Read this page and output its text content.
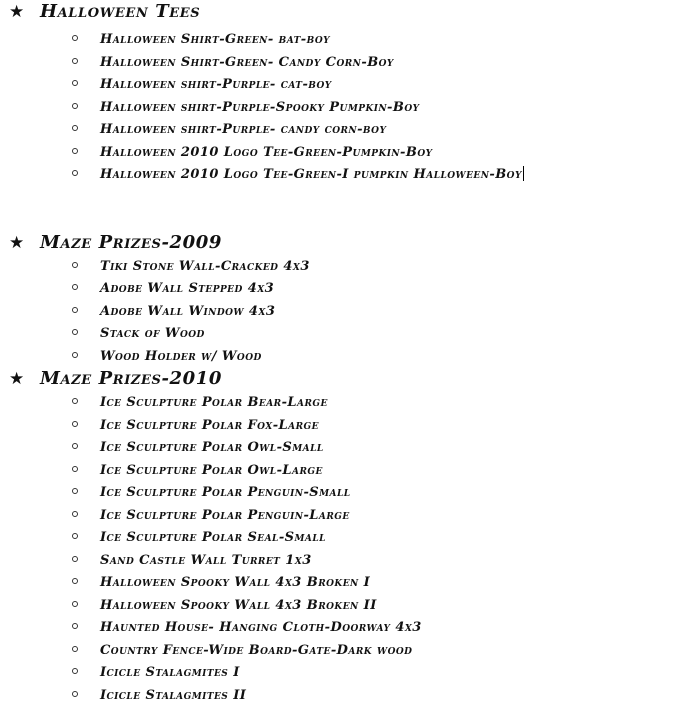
★ Halloween Tees
Halloween Shirt-Green- bat-boy
Halloween Shirt-Green- Candy Corn-Boy
Halloween shirt-Purple- cat-boy
Halloween shirt-Purple-Spooky Pumpkin-Boy
Halloween shirt-Purple- candy corn-boy
Halloween 2010 Logo Tee-Green-Pumpkin-Boy
Halloween 2010 Logo Tee-Green-I pumpkin Halloween-Boy
★ Maze Prizes-2009
Tiki Stone Wall-Cracked 4x3
Adobe Wall Stepped 4x3
Adobe Wall Window 4x3
Stack of Wood
Wood Holder w/ Wood
★ Maze Prizes-2010
Ice Sculpture Polar Bear-Large
Ice Sculpture Polar Fox-Large
Ice Sculpture Polar Owl-Small
Ice Sculpture Polar Owl-Large
Ice Sculpture Polar Penguin-Small
Ice Sculpture Polar Penguin-Large
Ice Sculpture Polar Seal-Small
Sand Castle Wall Turret 1x3
Halloween Spooky Wall 4x3 Broken I
Halloween Spooky Wall 4x3 Broken II
Haunted House- Hanging Cloth-Doorway 4x3
Country Fence-Wide Board-Gate-Dark wood
Icicle Stalagmites I
Icicle Stalagmites II
